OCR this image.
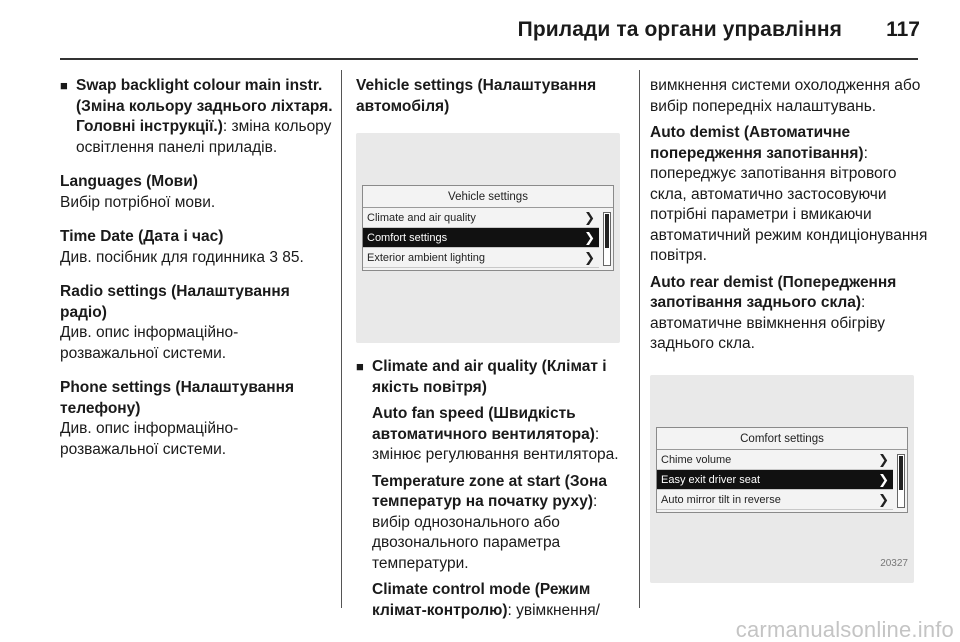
Прилади та органи управління 117
■ Swap backlight colour main instr. (Зміна кольору заднього ліхтаря. Головні інструкції.): зміна кольору освітлення панелі приладів.
Languages (Мови)
Вибір потрібної мови.
Time Date (Дата і час)
Див. посібник для годинника 3 85.
Radio settings (Налаштування радіо)
Див. опис інформаційно-розважальної системи.
Phone settings (Налаштування телефону)
Див. опис інформаційно-розважальної системи.
Vehicle settings (Налаштування автомобіля)
Vehicle settings
Climate and air quality	❯
Comfort settings	❯
Exterior ambient lighting	❯
■ Climate and air quality (Клімат і якість повітря)
Auto fan speed (Швидкість автоматичного вентилятора): змінює регулювання вентилятора.
Temperature zone at start (Зона температур на початку руху): вибір однозонального або двозонального параметра температури.
Climate control mode (Режим клімат-контролю): увімкнення/
вимкнення системи охолодження або вибір попередніх налаштувань.
Auto demist (Автоматичне попередження запотівання): попереджує запотівання вітрового скла, автоматично застосовуючи потрібні параметри і вмикаючи автоматичний режим кондиціонування повітря.
Auto rear demist (Попередження запотівання заднього скла): автоматичне ввімкнення обігріву заднього скла.
Comfort settings
Chime volume	❯
Easy exit driver seat	❯
Auto mirror tilt in reverse	❯
20327
carmanualsonline.info
